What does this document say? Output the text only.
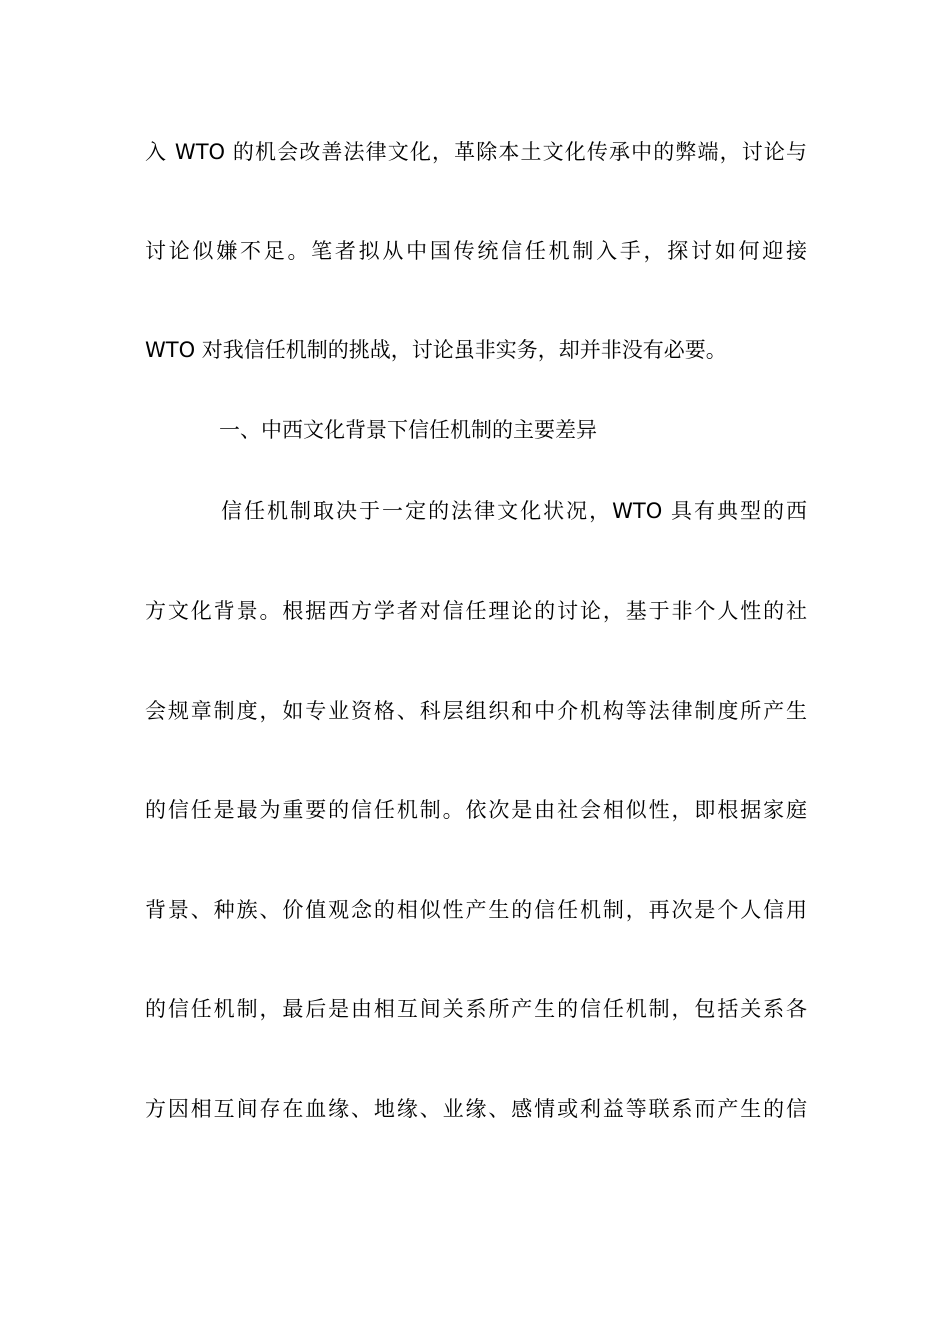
入 WTO 的机会改善法律文化，革除本土文化传承中的弊端，讨论与
讨论似嫌不足。笔者拟从中国传统信任机制入手，探讨如何迎接
WTO 对我信任机制的挑战，讨论虽非实务，却并非没有必要。
一、中西文化背景下信任机制的主要差异
信任机制取决于一定的法律文化状况，WTO 具有典型的西
方文化背景。根据西方学者对信任理论的讨论，基于非个人性的社
会规章制度，如专业资格、科层组织和中介机构等法律制度所产生
的信任是最为重要的信任机制。依次是由社会相似性，即根据家庭
背景、种族、价值观念的相似性产生的信任机制，再次是个人信用
的信任机制，最后是由相互间关系所产生的信任机制，包括关系各
方因相互间存在血缘、地缘、业缘、感情或利益等联系而产生的信
